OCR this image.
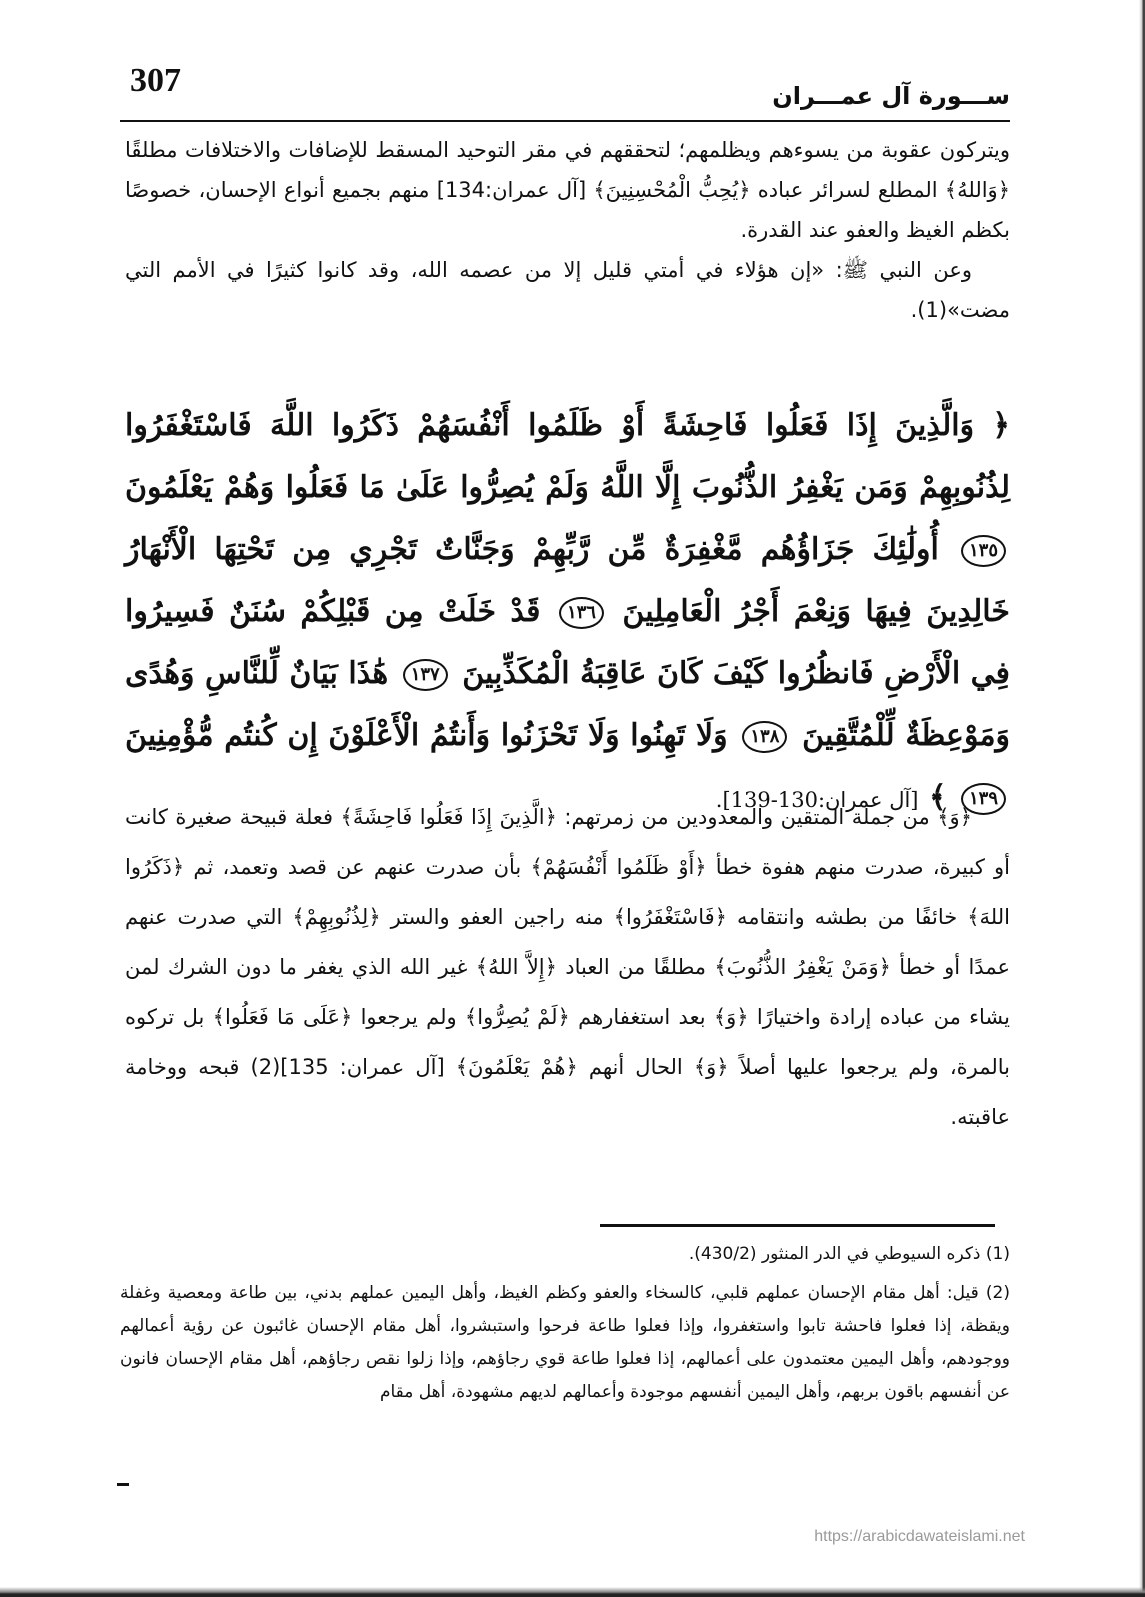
307	ســـورة آل عمـــران

ويتركون عقوبة من يسوءهم ويظلمهم؛ لتحققهم في مقر التوحيد المسقط للإضافات والاختلافات مطلقًا ﴿وَاللهُ﴾ المطلع لسرائر عباده ﴿يُحِبُّ الْمُحْسِنِينَ﴾ [آل عمران:134] منهم بجميع أنواع الإحسان، خصوصًا بكظم الغيظ والعفو عند القدرة.

وعن النبي ﷺ: «إن هؤلاء في أمتي قليل إلا من عصمه الله، وقد كانوا كثيرًا في الأمم التي مضت»(1).

﴿ وَالَّذِينَ إِذَا فَعَلُوا فَاحِشَةً أَوْ ظَلَمُوا أَنْفُسَهُمْ ذَكَرُوا اللَّهَ فَاسْتَغْفَرُوا لِذُنُوبِهِمْ وَمَن يَغْفِرُ الذُّنُوبَ إِلَّا اللَّهُ وَلَمْ يُصِرُّوا عَلَىٰ مَا فَعَلُوا وَهُمْ يَعْلَمُونَ ١٣٥ أُولَٰئِكَ جَزَاؤُهُم مَّغْفِرَةٌ مِّن رَّبِّهِمْ وَجَنَّاتٌ تَجْرِي مِن تَحْتِهَا الْأَنْهَارُ خَالِدِينَ فِيهَا وَنِعْمَ أَجْرُ الْعَامِلِينَ ١٣٦ قَدْ خَلَتْ مِن قَبْلِكُمْ سُنَنٌ فَسِيرُوا فِي الْأَرْضِ فَانظُرُوا كَيْفَ كَانَ عَاقِبَةُ الْمُكَذِّبِينَ ١٣٧ هَٰذَا بَيَانٌ لِّلنَّاسِ وَهُدًى وَمَوْعِظَةٌ لِّلْمُتَّقِينَ ١٣٨ وَلَا تَهِنُوا وَلَا تَحْزَنُوا وَأَنتُمُ الْأَعْلَوْنَ إِن كُنتُم مُّؤْمِنِينَ ١٣٩ ﴾ [آل عمران:130-139].

﴿وَ﴾ من جملة المتقين والمعدودين من زمرتهم: ﴿الَّذِينَ إِذَا فَعَلُوا فَاحِشَةً﴾ فعلة قبيحة صغيرة كانت أو كبيرة، صدرت منهم هفوة خطأ ﴿أَوْ ظَلَمُوا أَنْفُسَهُمْ﴾ بأن صدرت عنهم عن قصد وتعمد، ثم ﴿ذَكَرُوا اللهَ﴾ خائفًا من بطشه وانتقامه ﴿فَاسْتَغْفَرُوا﴾ منه راجين العفو والستر ﴿لِذُنُوبِهِمْ﴾ التي صدرت عنهم عمدًا أو خطأ ﴿وَمَنْ يَغْفِرُ الذُّنُوبَ﴾ مطلقًا من العباد ﴿إِلاَّ اللهُ﴾ غير الله الذي يغفر ما دون الشرك لمن يشاء من عباده إرادة واختيارًا ﴿وَ﴾ بعد استغفارهم ﴿لَمْ يُصِرُّوا﴾ ولم يرجعوا ﴿عَلَى مَا فَعَلُوا﴾ بل تركوه بالمرة، ولم يرجعوا عليها أصلاً ﴿وَ﴾ الحال أنهم ﴿هُمْ يَعْلَمُونَ﴾ [آل عمران: 135](2) قبحه ووخامة عاقبته.

(1) ذكره السيوطي في الدر المنثور (430/2).

(2) قيل: أهل مقام الإحسان عملهم قلبي، كالسخاء والعفو وكظم الغيظ، وأهل اليمين عملهم بدني، بين طاعة ومعصية وغفلة ويقظة، إذا فعلوا فاحشة تابوا واستغفروا، وإذا فعلوا طاعة فرحوا واستبشروا، أهل مقام الإحسان غائبون عن رؤية أعمالهم ووجودهم، وأهل اليمين معتمدون على أعمالهم، إذا فعلوا طاعة قوي رجاؤهم، وإذا زلوا نقص رجاؤهم، أهل مقام الإحسان فانون عن أنفسهم باقون بربهم، وأهل اليمين أنفسهم موجودة وأعمالهم لديهم مشهودة، أهل مقام

https://arabicdawateislami.net
